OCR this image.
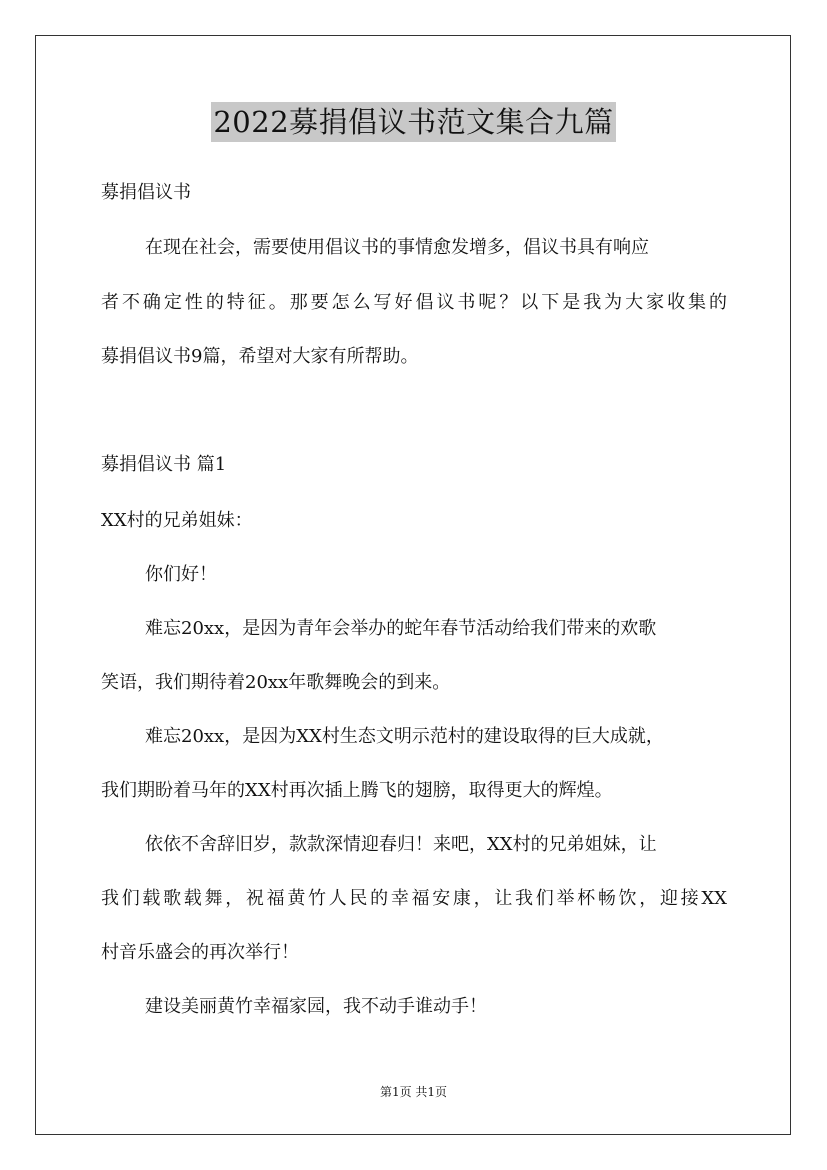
2022募捐倡议书范文集合九篇
募捐倡议书
在现在社会，需要使用倡议书的事情愈发增多，倡议书具有响应
者不确定性的特征。那要怎么写好倡议书呢？以下是我为大家收集的
募捐倡议书9篇，希望对大家有所帮助。
募捐倡议书 篇1
XX村的兄弟姐妹：
你们好！
难忘20xx，是因为青年会举办的蛇年春节活动给我们带来的欢歌
笑语，我们期待着20xx年歌舞晚会的到来。
难忘20xx，是因为XX村生态文明示范村的建设取得的巨大成就，
我们期盼着马年的XX村再次插上腾飞的翅膀，取得更大的辉煌。
依依不舍辞旧岁，款款深情迎春归！来吧，XX村的兄弟姐妹，让
我们载歌载舞，祝福黄竹人民的幸福安康，让我们举杯畅饮，迎接XX
村音乐盛会的再次举行！
建设美丽黄竹幸福家园，我不动手谁动手！
第1页 共1页
